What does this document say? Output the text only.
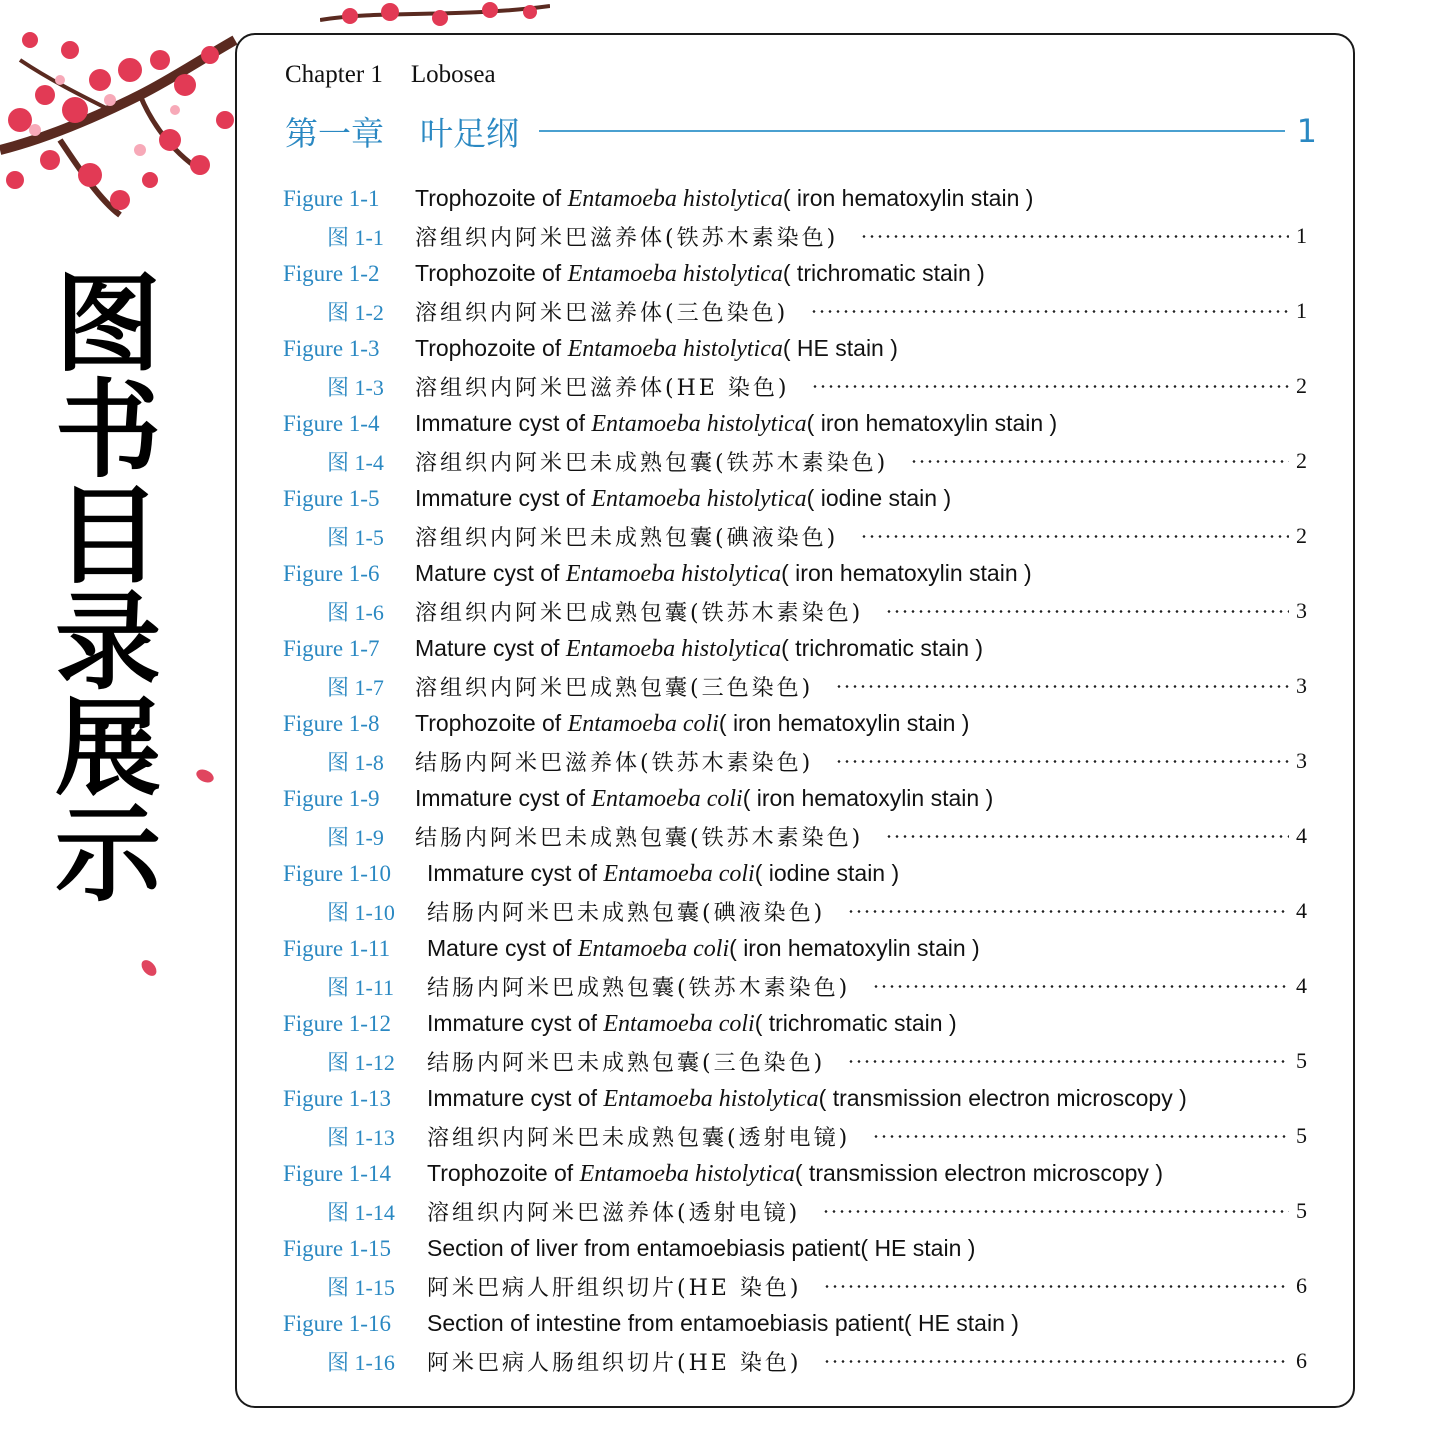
图
书
目
录
展
示
Chapter 1 Lobosea
第一章 叶足纲	1
Figure 1-1	Trophozoite of Entamoeba histolytica( iron hematoxylin stain )
图 1-1	溶组织内阿米巴滋养体(铁苏木素染色)	1
Figure 1-2	Trophozoite of Entamoeba histolytica( trichromatic stain )
图 1-2	溶组织内阿米巴滋养体(三色染色)	1
Figure 1-3	Trophozoite of Entamoeba histolytica( HE stain )
图 1-3	溶组织内阿米巴滋养体(HE 染色)	2
Figure 1-4	Immature cyst of Entamoeba histolytica( iron hematoxylin stain )
图 1-4	溶组织内阿米巴未成熟包囊(铁苏木素染色)	2
Figure 1-5	Immature cyst of Entamoeba histolytica( iodine stain )
图 1-5	溶组织内阿米巴未成熟包囊(碘液染色)	2
Figure 1-6	Mature cyst of Entamoeba histolytica( iron hematoxylin stain )
图 1-6	溶组织内阿米巴成熟包囊(铁苏木素染色)	3
Figure 1-7	Mature cyst of Entamoeba histolytica( trichromatic stain )
图 1-7	溶组织内阿米巴成熟包囊(三色染色)	3
Figure 1-8	Trophozoite of Entamoeba coli( iron hematoxylin stain )
图 1-8	结肠内阿米巴滋养体(铁苏木素染色)	3
Figure 1-9	Immature cyst of Entamoeba coli( iron hematoxylin stain )
图 1-9	结肠内阿米巴未成熟包囊(铁苏木素染色)	4
Figure 1-10	Immature cyst of Entamoeba coli( iodine stain )
图 1-10	结肠内阿米巴未成熟包囊(碘液染色)	4
Figure 1-11	Mature cyst of Entamoeba coli( iron hematoxylin stain )
图 1-11	结肠内阿米巴成熟包囊(铁苏木素染色)	4
Figure 1-12	Immature cyst of Entamoeba coli( trichromatic stain )
图 1-12	结肠内阿米巴未成熟包囊(三色染色)	5
Figure 1-13	Immature cyst of Entamoeba histolytica( transmission electron microscopy )
图 1-13	溶组织内阿米巴未成熟包囊(透射电镜)	5
Figure 1-14	Trophozoite of Entamoeba histolytica( transmission electron microscopy )
图 1-14	溶组织内阿米巴滋养体(透射电镜)	5
Figure 1-15	Section of liver from entamoebiasis patient( HE stain )
图 1-15	阿米巴病人肝组织切片(HE 染色)	6
Figure 1-16	Section of intestine from entamoebiasis patient( HE stain )
图 1-16	阿米巴病人肠组织切片(HE 染色)	6
